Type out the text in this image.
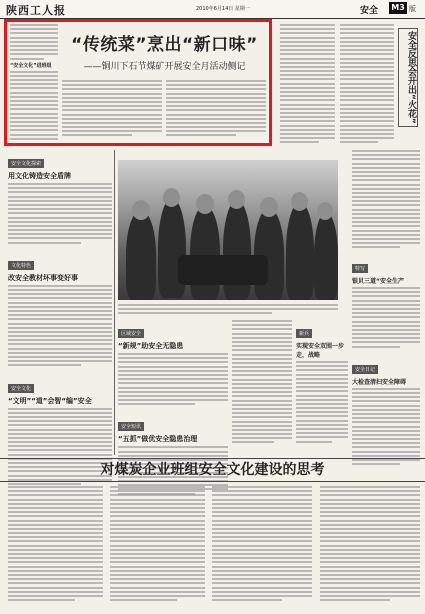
陕西工人报	2010年6月14日 星期一	安全 M3 版
“安全文化”进班组
“传统菜”烹出“新口味”
——铜川下石节煤矿开展安全月活动侧记	安全反思会开出“火花”
安全文化探索
用文化铸造安全盾牌
文化特色
改安全教材坏事变好事
安全文化
“文明”“道”会智“编”安全
区域安全
“新规”助安全无隐患
安全短讯
“五抓”做优安全隐患治理
新兵
实现安全双围一步走，战略
特写
银贝三道“安全生产
安全日记
大检查清扫安全障碍
对煤炭企业班组安全文化建设的思考
